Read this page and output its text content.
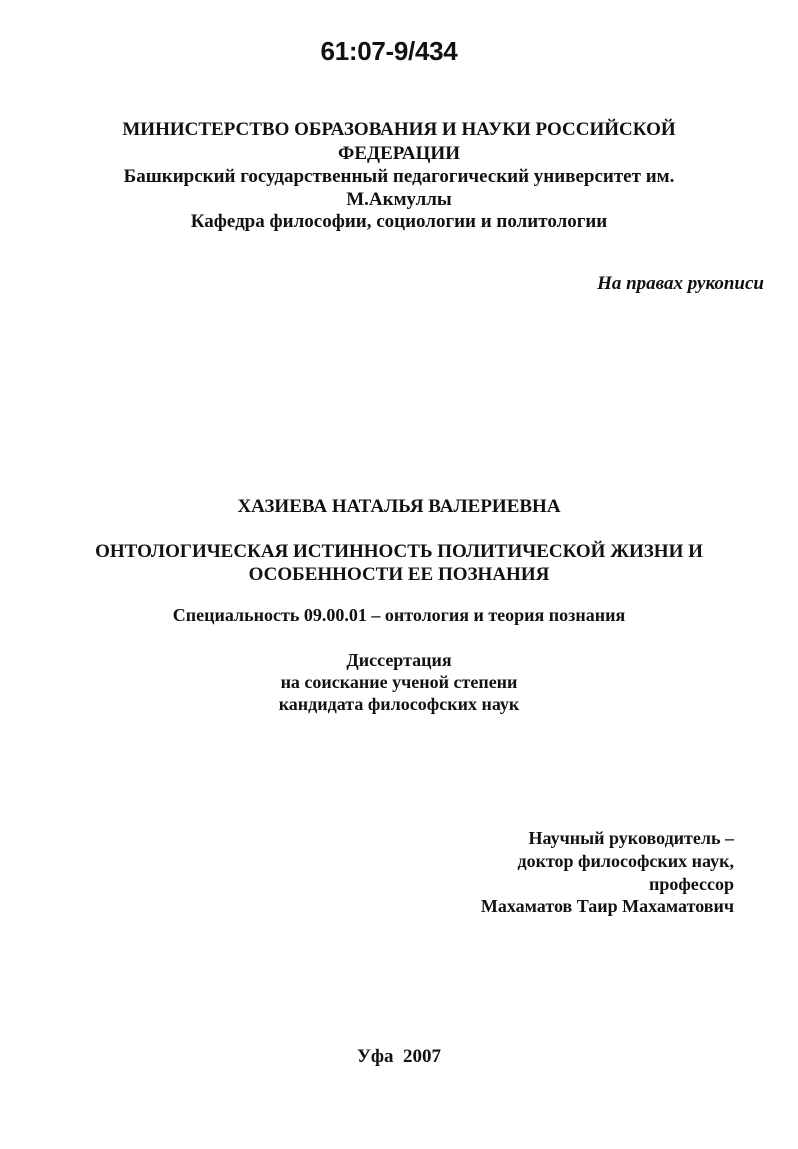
61:07-9/434
МИНИСТЕРСТВО ОБРАЗОВАНИЯ И НАУКИ РОССИЙСКОЙ
ФЕДЕРАЦИИ
Башкирский государственный педагогический университет им.
М.Акмуллы
Кафедра философии, социологии и политологии
На правах рукописи
ХАЗИЕВА НАТАЛЬЯ ВАЛЕРИЕВНА
ОНТОЛОГИЧЕСКАЯ ИСТИННОСТЬ ПОЛИТИЧЕСКОЙ ЖИЗНИ И
ОСОБЕННОСТИ ЕЕ ПОЗНАНИЯ
Специальность 09.00.01 – онтология и теория познания
Диссертация
на соискание ученой степени
кандидата философских наук
Научный руководитель –
доктор философских наук,
профессор
Махаматов Таир Махаматович
Уфа  2007
